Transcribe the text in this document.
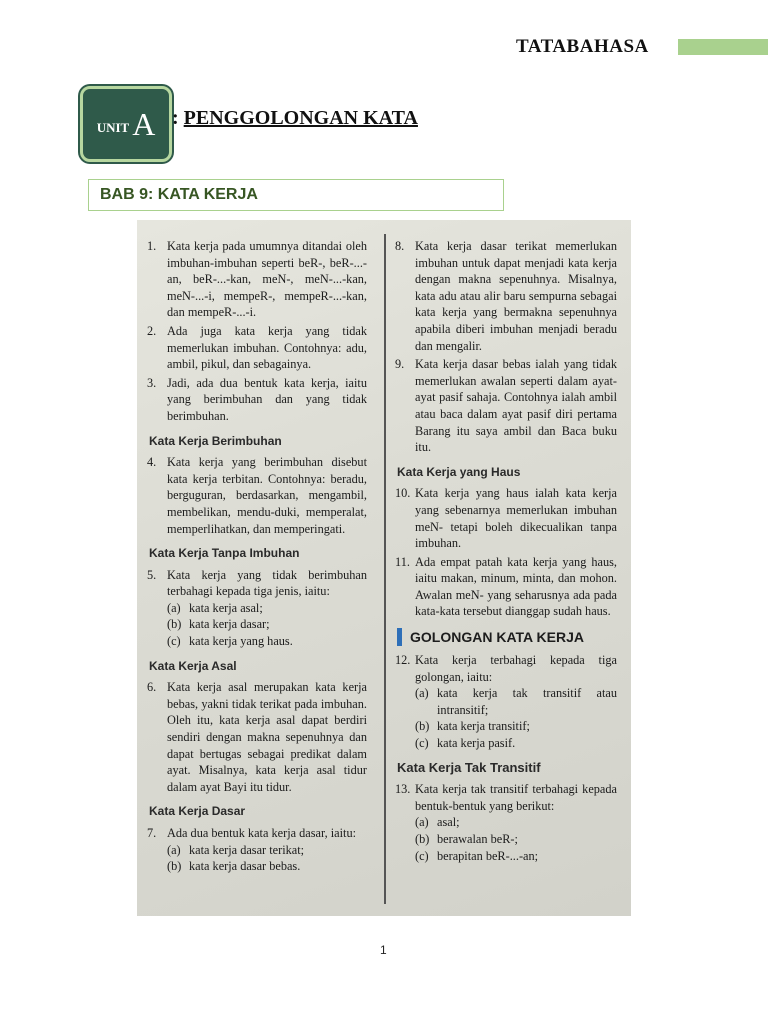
TATABAHASA
UNIT A : PENGGOLONGAN KATA
BAB 9: KATA KERJA
1. Kata kerja pada umumnya ditandai oleh imbuhan-imbuhan seperti beR-, beR-...-an, beR-...-kan, meN-, meN-...-kan, meN-...-i, mempeR-, mempeR-...-kan, dan mempeR-...-i.
2. Ada juga kata kerja yang tidak memerlukan imbuhan. Contohnya: adu, ambil, pikul, dan sebagainya.
3. Jadi, ada dua bentuk kata kerja, iaitu yang berimbuhan dan yang tidak berimbuhan.
Kata Kerja Berimbuhan
4. Kata kerja yang berimbuhan disebut kata kerja terbitan. Contohnya: beradu, berguguran, berdasarkan, mengambil, membelikan, mendu-duki, memperalat, memperlihatkan, dan memperingati.
Kata Kerja Tanpa Imbuhan
5. Kata kerja yang tidak berimbuhan terbahagi kepada tiga jenis, iaitu:
(a) kata kerja asal;
(b) kata kerja dasar;
(c) kata kerja yang haus.
Kata Kerja Asal
6. Kata kerja asal merupakan kata kerja bebas, yakni tidak terikat pada imbuhan. Oleh itu, kata kerja asal dapat berdiri sendiri dengan makna sepenuhnya dan dapat bertugas sebagai predikat dalam ayat. Misalnya, kata kerja asal tidur dalam ayat Bayi itu tidur.
Kata Kerja Dasar
7. Ada dua bentuk kata kerja dasar, iaitu:
(a) kata kerja dasar terikat;
(b) kata kerja dasar bebas.
8. Kata kerja dasar terikat memerlukan imbuhan untuk dapat menjadi kata kerja dengan makna sepenuhnya. Misalnya, kata adu atau alir baru sempurna sebagai kata kerja yang bermakna sepenuhnya apabila diberi imbuhan menjadi beradu dan mengalir.
9. Kata kerja dasar bebas ialah yang tidak memerlukan awalan seperti dalam ayat-ayat pasif sahaja. Contohnya ialah ambil atau baca dalam ayat pasif diri pertama Barang itu saya ambil dan Baca buku itu.
Kata Kerja yang Haus
10. Kata kerja yang haus ialah kata kerja yang sebenarnya memerlukan imbuhan meN- tetapi boleh dikecualikan tanpa imbuhan.
11. Ada empat patah kata kerja yang haus, iaitu makan, minum, minta, dan mohon. Awalan meN- yang seharusnya ada pada kata-kata tersebut dianggap sudah haus.
GOLONGAN KATA KERJA
12. Kata kerja terbahagi kepada tiga golongan, iaitu:
(a) kata kerja tak transitif atau intransitif;
(b) kata kerja transitif;
(c) kata kerja pasif.
Kata Kerja Tak Transitif
13. Kata kerja tak transitif terbahagi kepada bentuk-bentuk yang berikut:
(a) asal;
(b) berawalan beR-;
(c) berapitan beR-...-an;
1
